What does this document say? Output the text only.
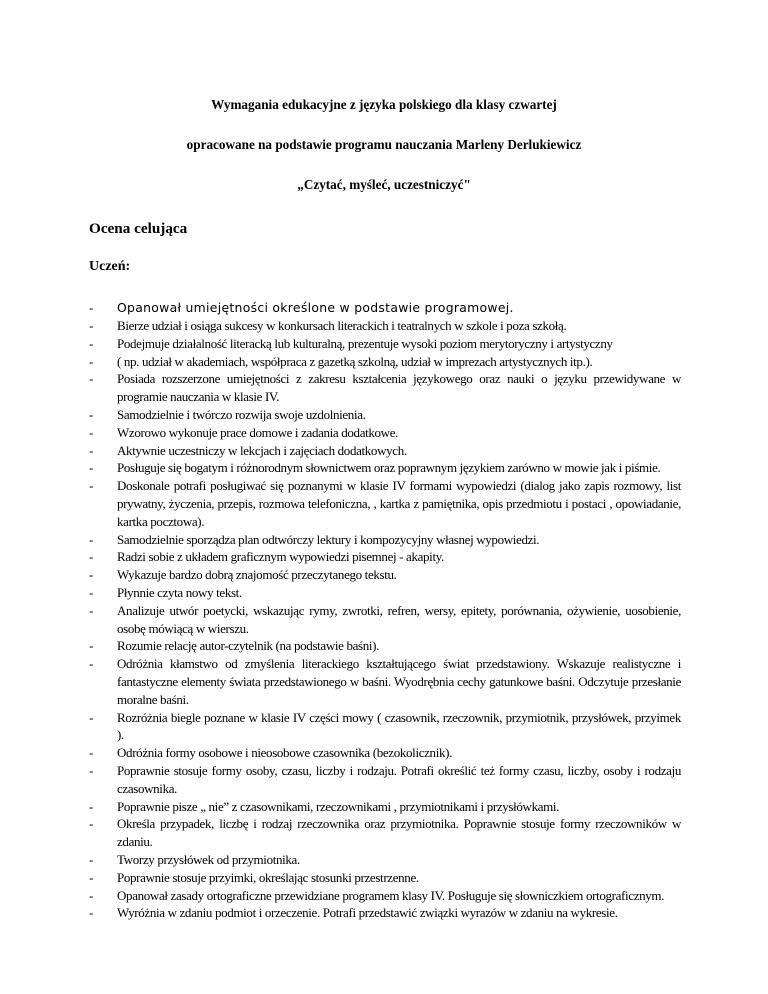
Wymagania edukacyjne z języka polskiego dla klasy czwartej
opracowane na podstawie programu nauczania Marleny Derlukiewicz
„Czytać, myśleć, uczestniczyć"
Ocena celująca
Uczeń:
-	Opanował umiejętności określone w podstawie programowej.
-	Bierze udział i osiąga sukcesy w konkursach literackich i teatralnych w szkole i poza szkołą.
-	Podejmuje działalność literacką lub kulturalną, prezentuje wysoki poziom merytoryczny i artystyczny
-	( np. udział w akademiach, współpraca z gazetką szkolną, udział w imprezach artystycznych itp.).
-	Posiada rozszerzone umiejętności z zakresu kształcenia językowego oraz nauki o języku przewidywane w programie nauczania w klasie IV.
-	Samodzielnie i twórczo rozwija swoje uzdolnienia.
-	Wzorowo wykonuje prace domowe i zadania dodatkowe.
-	Aktywnie uczestniczy w lekcjach i zajęciach dodatkowych.
-	Posługuje się bogatym i różnorodnym słownictwem oraz poprawnym językiem zarówno w mowie jak i piśmie.
-	Doskonale potrafi posługiwać się poznanymi w klasie IV formami wypowiedzi (dialog jako zapis rozmowy, list prywatny, życzenia, przepis, rozmowa telefoniczna, , kartka z pamiętnika, opis przedmiotu i postaci , opowiadanie, kartka pocztowa).
-	Samodzielnie sporządza plan odtwórczy lektury i kompozycyjny własnej wypowiedzi.
-	Radzi sobie z układem graficznym wypowiedzi pisemnej - akapity.
-	Wykazuje bardzo dobrą znajomość przeczytanego tekstu.
-	Płynnie czyta nowy tekst.
-	Analizuje utwór poetycki, wskazując rymy, zwrotki, refren, wersy, epitety, porównania, ożywienie, uosobienie, osobę mówiącą w wierszu.
-	Rozumie relację autor-czytelnik (na podstawie baśni).
-	Odróżnia kłamstwo od zmyślenia literackiego kształtującego świat przedstawiony. Wskazuje realistyczne i fantastyczne elementy świata przedstawionego w baśni. Wyodrębnia cechy gatunkowe baśni. Odczytuje przesłanie moralne baśni.
-	Rozróżnia biegle poznane w klasie IV części mowy ( czasownik, rzeczownik, przymiotnik, przysłówek, przyimek ).
-	Odróżnia formy osobowe i nieosobowe czasownika (bezokolicznik).
-	Poprawnie stosuje formy osoby, czasu, liczby i rodzaju. Potrafi określić też formy czasu, liczby, osoby i rodzaju czasownika.
-	Poprawnie pisze „ nie” z czasownikami, rzeczownikami , przymiotnikami i przysłówkami.
-	Określa przypadek, liczbę i rodzaj rzeczownika oraz przymiotnika. Poprawnie stosuje formy rzeczowników w zdaniu.
-	Tworzy przysłówek od przymiotnika.
-	Poprawnie stosuje przyimki, określając stosunki przestrzenne.
-	Opanował zasady ortograficzne przewidziane programem klasy IV. Posługuje się słowniczkiem ortograficznym.
-	Wyróżnia w zdaniu podmiot i orzeczenie. Potrafi przedstawić związki wyrazów w zdaniu na wykresie.
